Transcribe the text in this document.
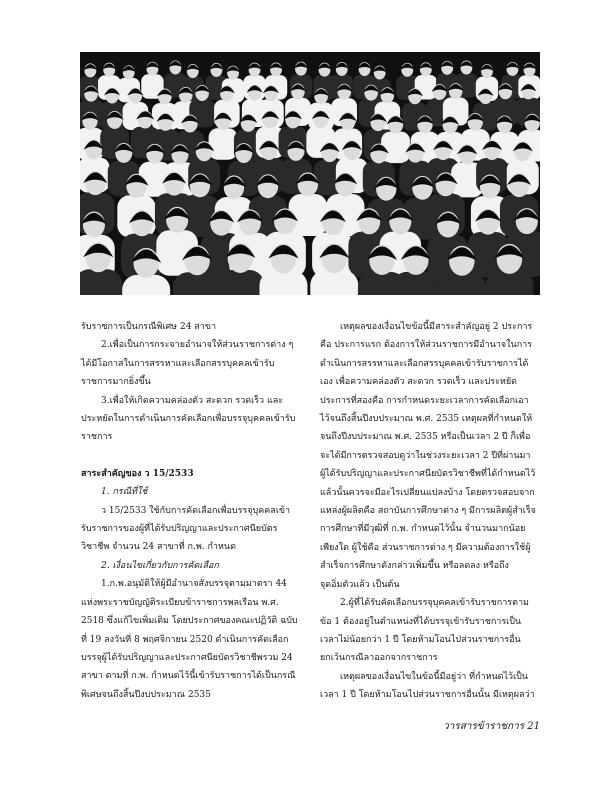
รับราชการเป็นกรณีพิเศษ 24 สาขา

2.เพื่อเป็นการกระจายอำนาจให้ส่วนราชการต่าง ๆ ได้มีโอกาสในการสรรหาและเลือกสรรบุคคลเข้ารับราชการมากยิ่งขึ้น

3.เพื่อให้เกิดความคล่องตัว สะดวก รวดเร็ว และประหยัดในการดำเนินการคัดเลือกเพื่อบรรจุบุคคลเข้ารับราชการ

สาระสำคัญของ ว 15/2533

1. กรณีที่ใช้

ว 15/2533 ใช้กับการคัดเลือกเพื่อบรรจุบุคคลเข้ารับราชการของผู้ที่ได้รับปริญญาและประกาศนียบัตรวิชาชีพ จำนวน 24 สาขาที่ ก.พ. กำหนด

2. เงื่อนไขเกี่ยวกับการคัดเลือก

1.ก.พ.อนุมัติให้ผู้มีอำนาจสั่งบรรจุตามมาตรา 44 แห่งพระราชบัญญัติระเบียบข้าราชการพลเรือน พ.ศ. 2518 ซึ่งแก้ไขเพิ่มเติม โดยประกาศของคณะปฏิวัติ ฉบับที่ 19 ลงวันที่ 8 พฤศจิกายน 2520 ดำเนินการคัดเลือกบรรจุผู้ได้รับปริญญาและประกาศนียบัตรวิชาชีพรวม 24 สาขา ตามที่ ก.พ. กำหนดไว้นี้เข้ารับราชการได้เป็นกรณีพิเศษจนถึงสิ้นปีงบประมาณ 2535

เหตุผลของเงื่อนไขข้อนี้มีสาระสำคัญอยู่ 2 ประการ คือ ประการแรก ต้องการให้ส่วนราชการมีอำนาจในการดำเนินการสรรหาและเลือกสรรบุคคลเข้ารับราชการได้เอง เพื่อความคล่องตัว สะดวก รวดเร็ว และประหยัด ประการที่สองคือ การกำหนดระยะเวลาการคัดเลือกเอาไว้จนถึงสิ้นปีงบประมาณ พ.ศ. 2535 เหตุผลที่กำหนดให้จนถึงปีงบประมาณ พ.ศ. 2535 หรือเป็นเวลา 2 ปี ก็เพื่อจะได้มีการตรวจสอบดูว่าในช่วงระยะเวลา 2 ปีที่ผ่านมา ผู้ได้รับปริญญาและประกาศนียบัตรวิชาชีพที่ได้กำหนดไว้แล้วนั้นควรจะมีอะไรเปลี่ยนแปลงบ้าง โดยตรวจสอบจากแหล่งผู้ผลิตคือ สถาบันการศึกษาต่าง ๆ มีการผลิตผู้สำเร็จการศึกษาที่มีวุฒิที่ ก.พ. กำหนดไว้นั้น จำนวนมากน้อยเพียงใด ผู้ใช้คือ ส่วนราชการต่าง ๆ มีความต้องการใช้ผู้สำเร็จการศึกษาดังกล่าวเพิ่มขึ้น หรือลดลง หรือถึงจุดอิ่มตัวแล้ว เป็นต้น

2.ผู้ที่ได้รับคัดเลือกบรรจุบุคคลเข้ารับราชการตามข้อ 1 ต้องอยู่ในตำแหน่งที่ได้บรรจุเข้ารับราชการเป็นเวลาไม่น้อยกว่า 1 ปี โดยห้ามโอนไปส่วนราชการอื่น ยกเว้นกรณีลาออกจากราชการ

เหตุผลของเงื่อนไขในข้อนี้มีอยู่ว่า ที่กำหนดไว้เป็นเวลา 1 ปี โดยห้ามโอนไปส่วนราชการอื่นนั้น มีเหตุผลว่า

วารสารข้าราชการ 21
